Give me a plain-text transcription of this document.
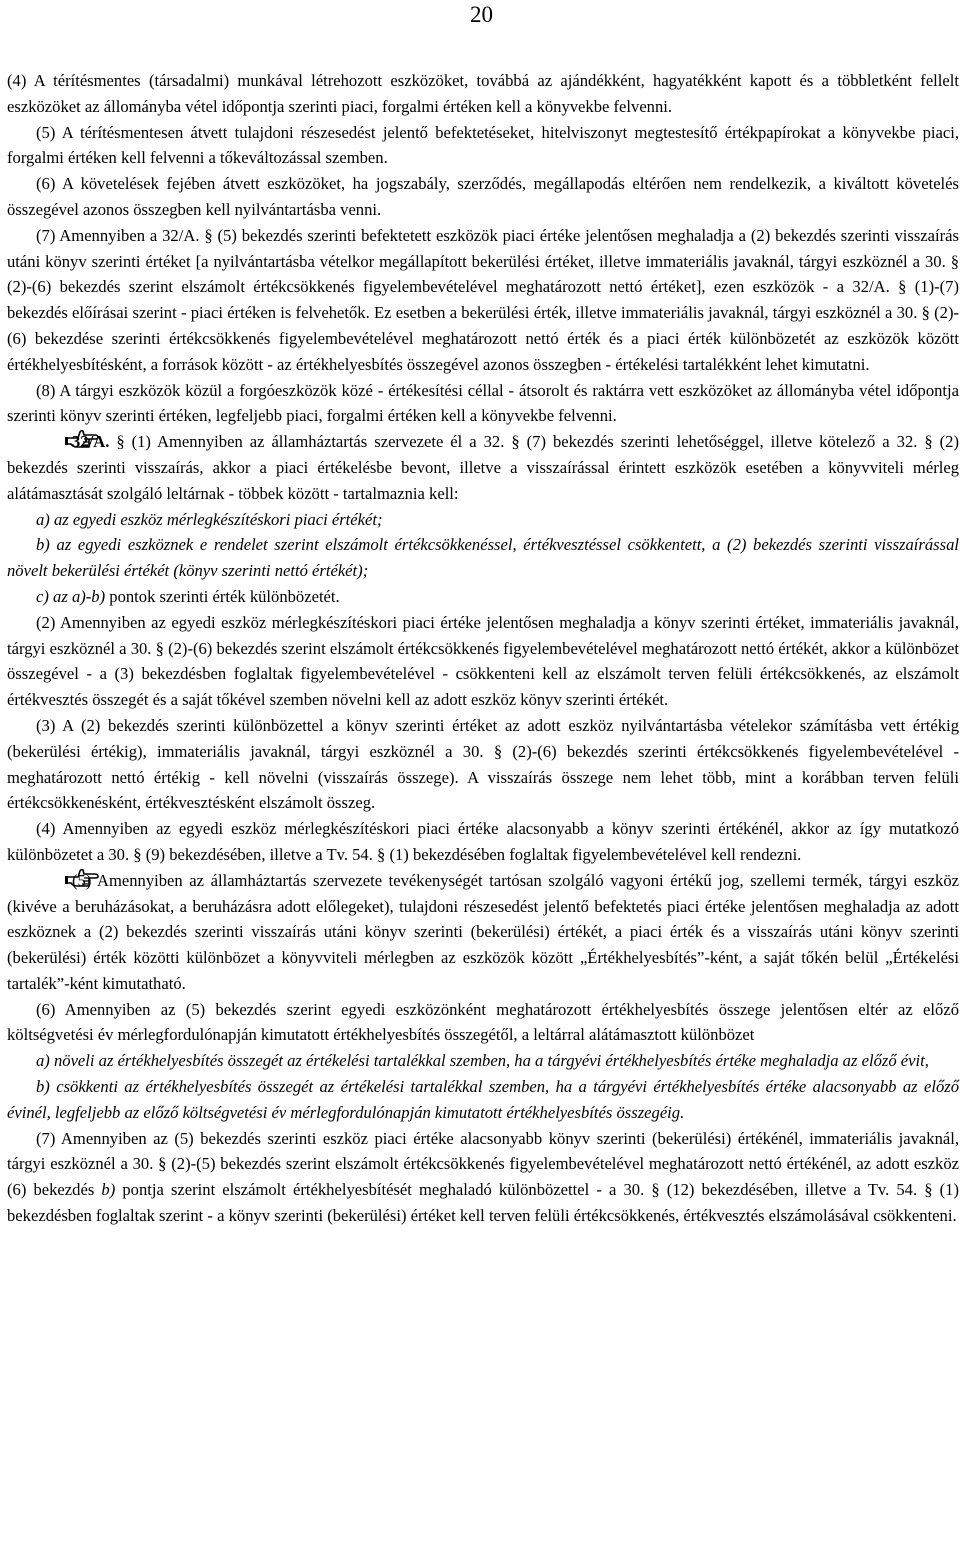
20

(4) A térítésmentes (társadalmi) munkával létrehozott eszközöket, továbbá az ajándékként, hagyatékként kapott és a többletként fellelt eszközöket az állományba vétel időpontja szerinti piaci, forgalmi értéken kell a könyvekbe felvenni.

(5) A térítésmentesen átvett tulajdoni részesedést jelentő befektetéseket, hitelviszonyt megtestesítő értékpapírokat a könyvekbe piaci, forgalmi értéken kell felvenni a tőkeváltozással szemben.

(6) A követelések fejében átvett eszközöket, ha jogszabály, szerződés, megállapodás eltérően nem rendelkezik, a kiváltott követelés összegével azonos összegben kell nyilvántartásba venni.

(7) Amennyiben a 32/A. § (5) bekezdés szerinti befektetett eszközök piaci értéke jelentősen meghaladja a (2) bekezdés szerinti visszaírás utáni könyv szerinti értéket [a nyilvántartásba vételkor megállapított bekerülési értéket, illetve immateriális javaknál, tárgyi eszköznél a 30. § (2)-(6) bekezdés szerint elszámolt értékcsökkenés figyelembevételével meghatározott nettó értéket], ezen eszközök - a 32/A. § (1)-(7) bekezdés előírásai szerint - piaci értéken is felvehetők. Ez esetben a bekerülési érték, illetve immateriális javaknál, tárgyi eszköznél a 30. § (2)-(6) bekezdése szerinti értékcsökkenés figyelembevételével meghatározott nettó érték és a piaci érték különbözetét az eszközök között értékhelyesbítésként, a források között - az értékhelyesbítés összegével azonos összegben - értékelési tartalékként lehet kimutatni.

(8) A tárgyi eszközök közül a forgóeszközök közé - értékesítési céllal - átsorolt és raktárra vett eszközöket az állományba vétel időpontja szerinti könyv szerinti értéken, legfeljebb piaci, forgalmi értéken kell a könyvekbe felvenni.

32/A. § (1) Amennyiben az államháztartás szervezete él a 32. § (7) bekezdés szerinti lehetőséggel, illetve kötelező a 32. § (2) bekezdés szerinti visszaírás, akkor a piaci értékelésbe bevont, illetve a visszaírással érintett eszközök esetében a könyvviteli mérleg alátámasztását szolgáló leltárnak - többek között - tartalmaznia kell:

a) az egyedi eszköz mérlegkészítéskori piaci értékét;

b) az egyedi eszköznek e rendelet szerint elszámolt értékcsökkenéssel, értékvesztéssel csökkentett, a (2) bekezdés szerinti visszaírással növelt bekerülési értékét (könyv szerinti nettó értékét);

c) az a)-b) pontok szerinti érték különbözetét.

(2) Amennyiben az egyedi eszköz mérlegkészítéskori piaci értéke jelentősen meghaladja a könyv szerinti értéket, immateriális javaknál, tárgyi eszköznél a 30. § (2)-(6) bekezdés szerint elszámolt értékcsökkenés figyelembevételével meghatározott nettó értékét, akkor a különbözet összegével - a (3) bekezdésben foglaltak figyelembevételével - csökkenteni kell az elszámolt terven felüli értékcsökkenés, az elszámolt értékvesztés összegét és a saját tőkével szemben növelni kell az adott eszköz könyv szerinti értékét.

(3) A (2) bekezdés szerinti különbözettel a könyv szerinti értéket az adott eszköz nyilvántartásba vételekor számításba vett értékig (bekerülési értékig), immateriális javaknál, tárgyi eszköznél a 30. § (2)-(6) bekezdés szerinti értékcsökkenés figyelembevételével - meghatározott nettó értékig - kell növelni (visszaírás összege). A visszaírás összege nem lehet több, mint a korábban terven felüli értékcsökkenésként, értékvesztésként elszámolt összeg.

(4) Amennyiben az egyedi eszköz mérlegkészítéskori piaci értéke alacsonyabb a könyv szerinti értékénél, akkor az így mutatkozó különbözetet a 30. § (9) bekezdésében, illetve a Tv. 54. § (1) bekezdésében foglaltak figyelembevételével kell rendezni.

(5) Amennyiben az államháztartás szervezete tevékenységét tartósan szolgáló vagyoni értékű jog, szellemi termék, tárgyi eszköz (kivéve a beruházásokat, a beruházásra adott előlegeket), tulajdoni részesedést jelentő befektetés piaci értéke jelentősen meghaladja az adott eszköznek a (2) bekezdés szerinti visszaírás utáni könyv szerinti (bekerülési) értékét, a piaci érték és a visszaírás utáni könyv szerinti (bekerülési) érték közötti különbözet a könyvviteli mérlegben az eszközök között „Értékhelyesbítés”-ként, a saját tőkén belül „Értékelési tartalék”-ként kimutatható.

(6) Amennyiben az (5) bekezdés szerint egyedi eszközönként meghatározott értékhelyesbítés összege jelentősen eltér az előző költségvetési év mérlegfordulónapján kimutatott értékhelyesbítés összegétől, a leltárral alátámasztott különbözet

a) növeli az értékhelyesbítés összegét az értékelési tartalékkal szemben, ha a tárgyévi értékhelyesbítés értéke meghaladja az előző évit,

b) csökkenti az értékhelyesbítés összegét az értékelési tartalékkal szemben, ha a tárgyévi értékhelyesbítés értéke alacsonyabb az előző évinél, legfeljebb az előző költségvetési év mérlegfordulónapján kimutatott értékhelyesbítés összegéig.

(7) Amennyiben az (5) bekezdés szerinti eszköz piaci értéke alacsonyabb könyv szerinti (bekerülési) értékénél, immateriális javaknál, tárgyi eszköznél a 30. § (2)-(5) bekezdés szerint elszámolt értékcsökkenés figyelembevételével meghatározott nettó értékénél, az adott eszköz (6) bekezdés b) pontja szerint elszámolt értékhelyesbítését meghaladó különbözettel - a 30. § (12) bekezdésében, illetve a Tv. 54. § (1) bekezdésben foglaltak szerint - a könyv szerinti (bekerülési) értéket kell terven felüli értékcsökkenés, értékvesztés elszámolásával csökkenteni.
